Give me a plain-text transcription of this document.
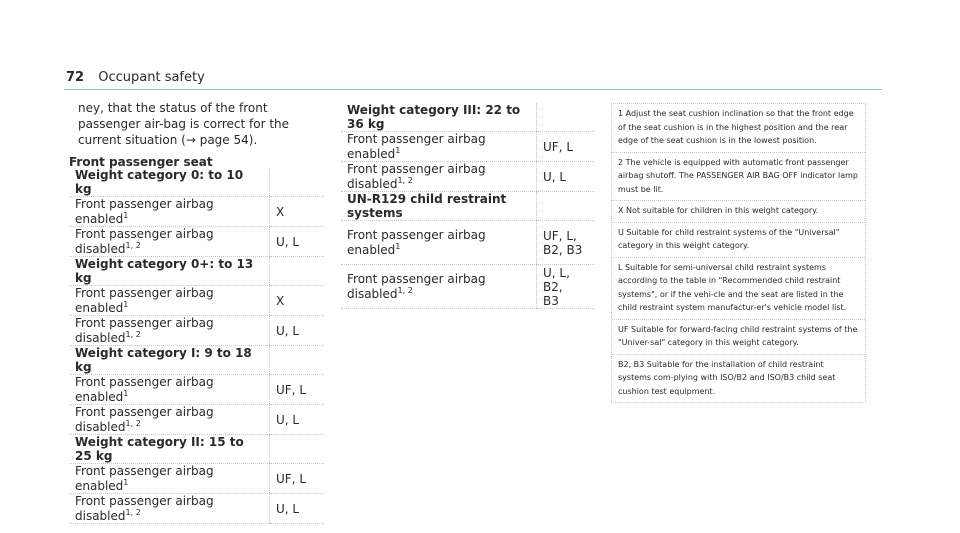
72 Occupant safety
ney, that the status of the front passenger air-bag is correct for the current situation (→ page 54).
Front passenger seat
Weight category 0: to 10 kg	
Front passenger airbag enabled$^1$	X
Front passenger airbag disabled$^{1, 2}$	U, L
Weight category 0+: to 13 kg	
Front passenger airbag enabled$^1$	X
Front passenger airbag disabled$^{1, 2}$	U, L
Weight category I: 9 to 18 kg	
Front passenger airbag enabled$^1$	UF, L
Front passenger airbag disabled$^{1, 2}$	U, L
Weight category II: 15 to 25 kg	
Front passenger airbag enabled$^1$	UF, L
Front passenger airbag disabled$^{1, 2}$	U, L
Weight category III: 22 to 36 kg	
Front passenger airbag enabled$^1$	UF, L
Front passenger airbag disabled$^{1, 2}$	U, L
UN-R129 child restraint systems	
Front passenger airbag enabled$^1$	UF, L,
B2, B3
Front passenger airbag disabled$^{1, 2}$	U, L, B2,
B3
1 Adjust the seat cushion inclination so that the front edge of the seat cushion is in the highest position and the rear edge of the seat cushion is in the lowest position.
2 The vehicle is equipped with automatic front passenger airbag shutoff. The PASSENGER AIR BAG OFF indicator lamp must be lit.
X Not suitable for children in this weight category.
U Suitable for child restraint systems of the "Universal" category in this weight category.
L Suitable for semi-universal child restraint systems according to the table in "Recommended child restraint systems", or if the vehi-cle and the seat are listed in the child restraint system manufactur-er's vehicle model list.
UF Suitable for forward-facing child restraint systems of the "Univer-sal" category in this weight category.
B2, B3 Suitable for the installation of child restraint systems com-plying with ISO/B2 and ISO/B3 child seat cushion test equipment.
